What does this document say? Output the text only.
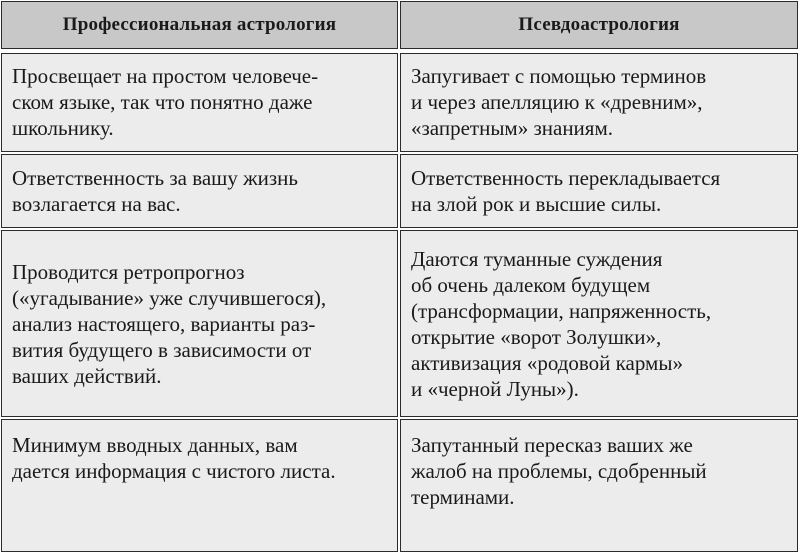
Профессиональная астрология	Псевдоастрология
Просвещает на простом человече-
ском языке, так что понятно даже
школьнику.
Запугивает с помощью терминов
и через апелляцию к «древним»,
«запретным» знаниям.
Ответственность за вашу жизнь
возлагается на вас.
Ответственность перекладывается
на злой рок и высшие силы.
Проводится ретропрогноз
(«угадывание» уже случившегося),
анализ настоящего, варианты раз-
вития будущего в зависимости от
ваших действий.
Даются туманные суждения
об очень далеком будущем
(трансформации, напряженность,
открытие «ворот Золушки»,
активизация «родовой кармы»
и «черной Луны»).
Минимум вводных данных, вам
дается информация с чистого листа.
Запутанный пересказ ваших же
жалоб на проблемы, сдобренный
терминами.
